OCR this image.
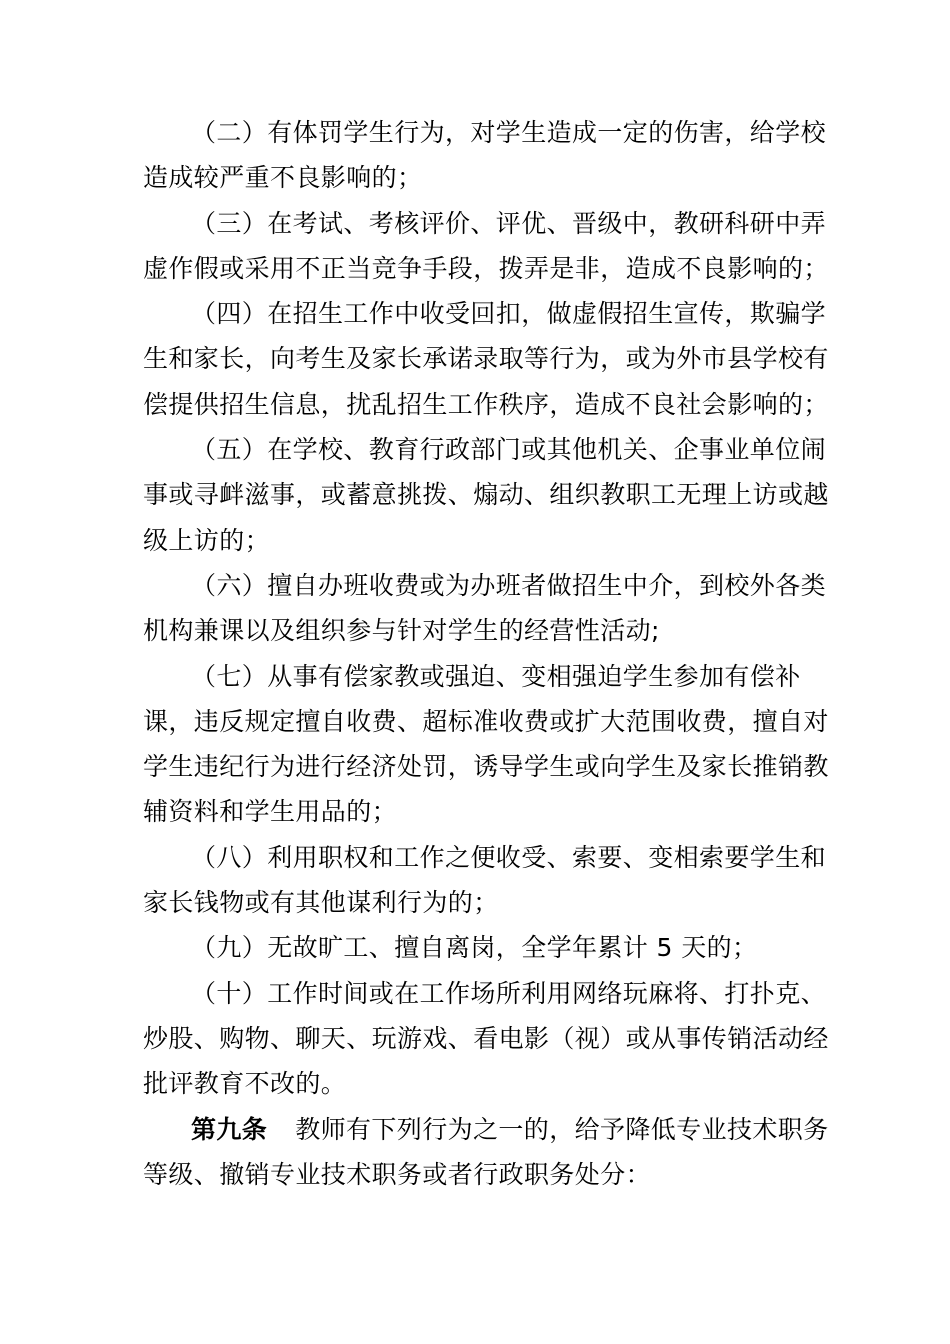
（二）有体罚学生行为，对学生造成一定的伤害，给学校
造成较严重不良影响的；
（三）在考试、考核评价、评优、晋级中，教研科研中弄
虚作假或采用不正当竞争手段，拨弄是非，造成不良影响的；
（四）在招生工作中收受回扣，做虚假招生宣传，欺骗学
生和家长，向考生及家长承诺录取等行为，或为外市县学校有
偿提供招生信息，扰乱招生工作秩序，造成不良社会影响的；
（五）在学校、教育行政部门或其他机关、企事业单位闹
事或寻衅滋事，或蓄意挑拨、煽动、组织教职工无理上访或越
级上访的；
（六）擅自办班收费或为办班者做招生中介，到校外各类
机构兼课以及组织参与针对学生的经营性活动;
（七）从事有偿家教或强迫、变相强迫学生参加有偿补
课，违反规定擅自收费、超标准收费或扩大范围收费，擅自对
学生违纪行为进行经济处罚，诱导学生或向学生及家长推销教
辅资料和学生用品的；
（八）利用职权和工作之便收受、索要、变相索要学生和
家长钱物或有其他谋利行为的；
（九）无故旷工、擅自离岗，全学年累计 5 天的；
（十）工作时间或在工作场所利用网络玩麻将、打扑克、
炒股、购物、聊天、玩游戏、看电影（视）或从事传销活动经
批评教育不改的。
第九条 教师有下列行为之一的，给予降低专业技术职务
等级、撤销专业技术职务或者行政职务处分：
